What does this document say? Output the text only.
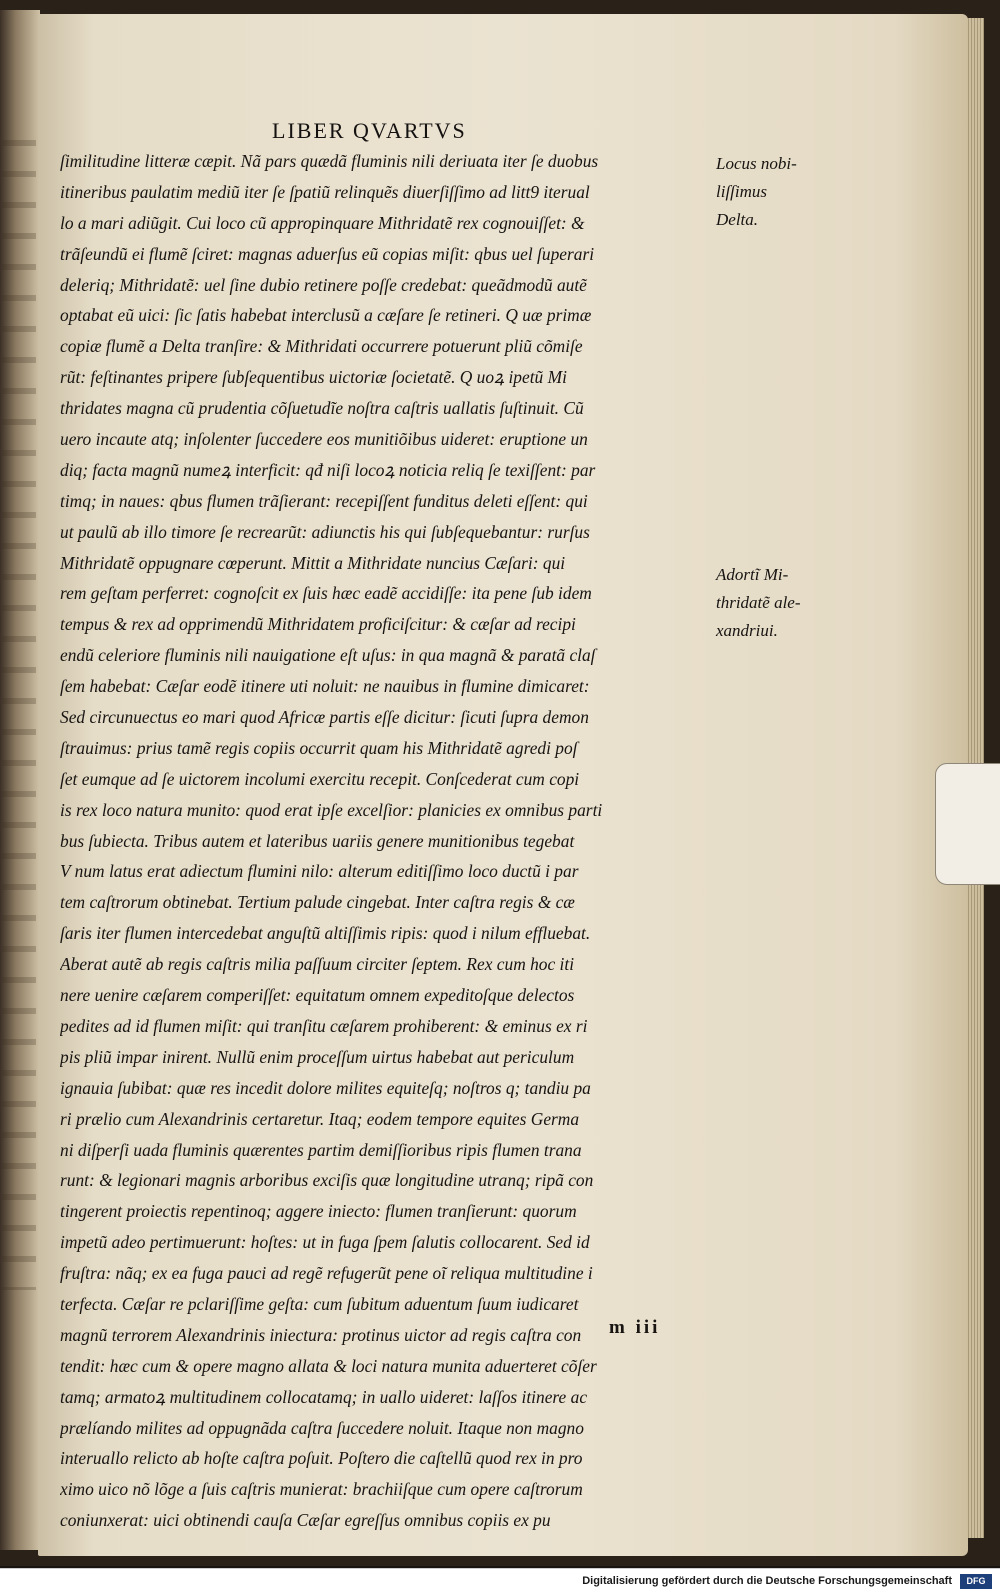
LIBER QVARTVS
ſimilitudine litteræ cæpit. Nã pars quædã fluminis nili deriuata iter ſe duobus
itineribus paulatim mediũ iter ſe ſpatiũ relinquẽs diuerſiſſimo ad litt9 iterual
lo a mari adiũgit. Cui loco cũ appropinquare Mithridatẽ rex cognouiſſet: &
trãſeundũ ei flumẽ ſciret: magnas aduerſus eũ copias miſit: qbus uel ſuperari
deleriq; Mithridatẽ: uel ſine dubio retinere poſſe credebat: queãdmodũ autẽ
optabat eũ uici: ſic ſatis habebat interclusũ a cæſare ſe retineri. Q uæ primæ
copiæ flumẽ a Delta tranſire: & Mithridati occurrere potuerunt pliũ cõmiſe
rũt: feſtinantes pripere ſubſequentibus uictoriæ ſocietatẽ. Q uoꝝ ipetũ Mi
thridates magna cũ prudentia cõſuetudĩe noſtra caſtris uallatis ſuſtinuit. Cũ
uero incaute atq; inſolenter ſuccedere eos munitiõibus uideret: eruptione un
diq; facta magnũ numeꝝ interficit: qđ niſi locoꝝ noticia reliq ſe texiſſent: par
timq; in naues: qbus flumen trãſierant: recepiſſent funditus deleti eſſent: qui
ut paulũ ab illo timore ſe recrearũt: adiunctis his qui ſubſequebantur: rurſus
Mithridatẽ oppugnare cœperunt. Mittit a Mithridate nuncius Cæſari: qui
rem geſtam perferret: cognoſcit ex ſuis hæc eadẽ accidiſſe: ita pene ſub idem
tempus & rex ad opprimendũ Mithridatem proficiſcitur: & cæſar ad recipi
endũ celeriore fluminis nili nauigatione eſt uſus: in qua magnã & paratã claſ
ſem habebat: Cæſar eodẽ itinere uti noluit: ne nauibus in flumine dimicaret:
Sed circunuectus eo mari quod Africæ partis eſſe dicitur: ſicuti ſupra demon
ſtrauimus: prius tamẽ regis copiis occurrit quam his Mithridatẽ agredi poſ
ſet eumque ad ſe uictorem incolumi exercitu recepit. Conſcederat cum copi
is rex loco natura munito: quod erat ipſe excelſior: planicies ex omnibus parti
bus ſubiecta. Tribus autem et lateribus uariis genere munitionibus tegebat
V num latus erat adiectum flumini nilo: alterum editiſſimo loco ductũ i par
tem caſtrorum obtinebat. Tertium palude cingebat. Inter caſtra regis & cæ
ſaris iter flumen intercedebat anguſtũ altiſſimis ripis: quod i nilum effluebat.
Aberat autẽ ab regis caſtris milia paſſuum circiter ſeptem. Rex cum hoc iti
nere uenire cæſarem comperiſſet: equitatum omnem expeditoſque delectos
pedites ad id flumen miſit: qui tranſitu cæſarem prohiberent: & eminus ex ri
pis pliũ impar inirent. Nullũ enim proceſſum uirtus habebat aut periculum
ignauia ſubibat: quæ res incedit dolore milites equiteſq; noſtros q; tandiu pa
ri prælio cum Alexandrinis certaretur. Itaq; eodem tempore equites Germa
ni diſperſi uada fluminis quærentes partim demiſſioribus ripis flumen trana
runt: & legionari magnis arboribus exciſis quæ longitudine utranq; ripã con
tingerent proiectis repentinoq; aggere iniecto: flumen tranſierunt: quorum
impetũ adeo pertimuerunt: hoſtes: ut in fuga ſpem ſalutis collocarent. Sed id
fruſtra: nãq; ex ea fuga pauci ad regẽ refugerũt pene oĩ reliqua multitudine i
terfecta. Cæſar re pclariſſime geſta: cum ſubitum aduentum ſuum iudicaret
magnũ terrorem Alexandrinis iniectura: protinus uictor ad regis caſtra con
tendit: hæc cum & opere magno allata & loci natura munita aduerteret cõſer
tamq; armatoꝝ multitudinem collocatamq; in uallo uideret: laſſos itinere ac
prælíando milites ad oppugnãda caſtra ſuccedere noluit. Itaque non magno
interuallo relicto ab hoſte caſtra poſuit. Poſtero die caſtellũ quod rex in pro
ximo uico nõ lõge a ſuis caſtris munierat: brachiiſque cum opere caſtrorum
coniunxerat: uici obtinendi cauſa Cæſar egreſſus omnibus copiis ex pu
Locus nobi-
liſſimus
Delta.
Adortĩ Mi-
thridatẽ ale-
xandriui.
m iii
Digitalisierung gefördert durch die Deutsche Forschungsgemeinschaft	DFG
